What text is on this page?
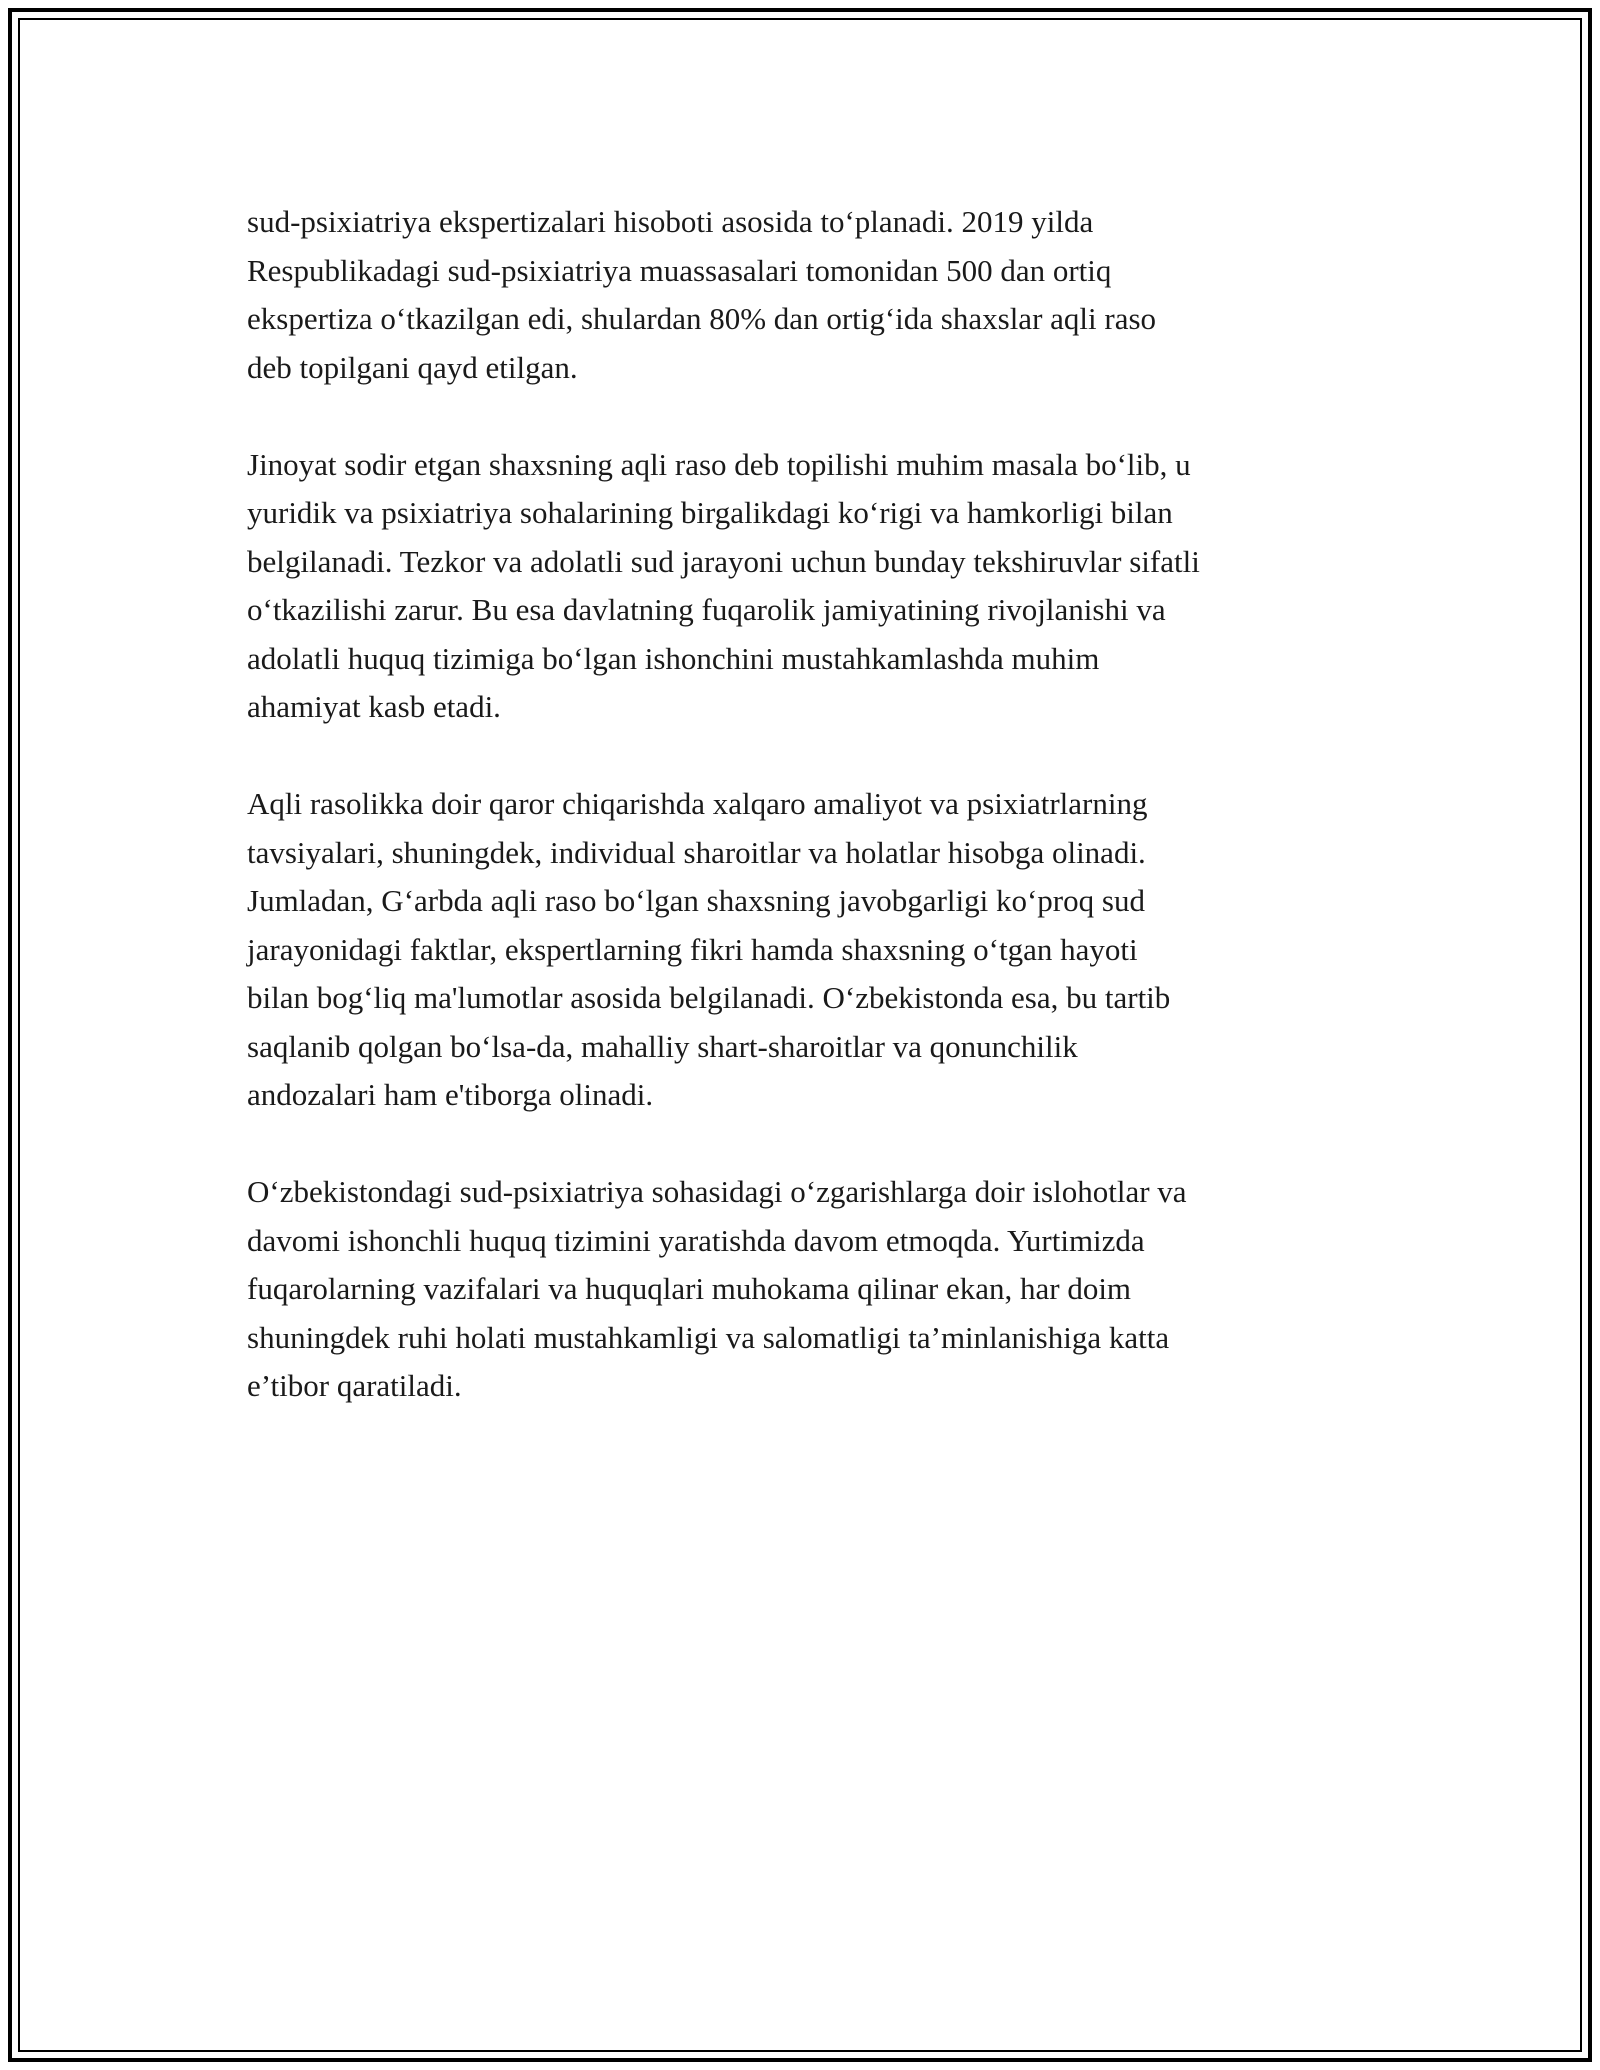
sud-psixiatriya ekspertizalari hisoboti asosida to‘planadi. 2019 yilda
Respublikadagi sud-psixiatriya muassasalari tomonidan 500 dan ortiq
ekspertiza o‘tkazilgan edi, shulardan 80% dan ortig‘ida shaxslar aqli raso
deb topilgani qayd etilgan.

Jinoyat sodir etgan shaxsning aqli raso deb topilishi muhim masala bo‘lib, u
yuridik va psixiatriya sohalarining birgalikdagi ko‘rigi va hamkorligi bilan
belgilanadi. Tezkor va adolatli sud jarayoni uchun bunday tekshiruvlar sifatli
o‘tkazilishi zarur. Bu esa davlatning fuqarolik jamiyatining rivojlanishi va
adolatli huquq tizimiga bo‘lgan ishonchini mustahkamlashda muhim
ahamiyat kasb etadi.

Aqli rasolikka doir qaror chiqarishda xalqaro amaliyot va psixiatrlarning
tavsiyalari, shuningdek, individual sharoitlar va holatlar hisobga olinadi.
Jumladan, G‘arbda aqli raso bo‘lgan shaxsning javobgarligi ko‘proq sud
jarayonidagi faktlar, ekspertlarning fikri hamda shaxsning o‘tgan hayoti
bilan bog‘liq ma'lumotlar asosida belgilanadi. O‘zbekistonda esa, bu tartib
saqlanib qolgan bo‘lsa-da, mahalliy shart-sharoitlar va qonunchilik
andozalari ham e'tiborga olinadi.

O‘zbekistondagi sud-psixiatriya sohasidagi o‘zgarishlarga doir islohotlar va
davomi ishonchli huquq tizimini yaratishda davom etmoqda. Yurtimizda
fuqarolarning vazifalari va huquqlari muhokama qilinar ekan, har doim
shuningdek ruhi holati mustahkamligi va salomatligi ta’minlanishiga katta
e’tibor qaratiladi.
